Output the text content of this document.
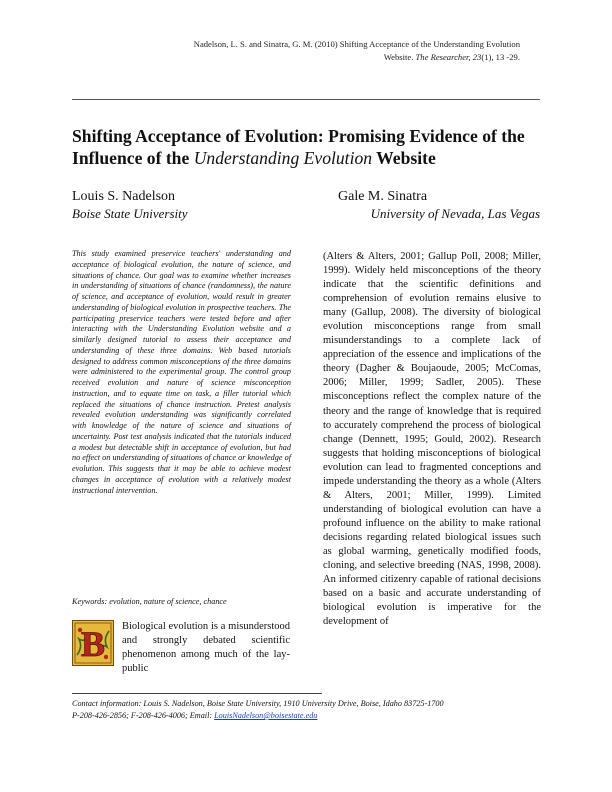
Nadelson, L. S. and Sinatra, G. M. (2010) Shifting Acceptance of the Understanding Evolution
Website. The Researcher, 23(1), 13 -29.
Shifting Acceptance of Evolution: Promising Evidence of the Influence of the Understanding Evolution Website
Louis S. Nadelson
Boise State University
Gale M. Sinatra
University of Nevada, Las Vegas

This study examined preservice teachers' understanding and acceptance of biological evolution, the nature of science, and situations of chance. Our goal was to examine whether increases in understanding of situations of chance (randomness), the nature of science, and acceptance of evolution, would result in greater understanding of biological evolution in prospective teachers. The participating preservice teachers were tested before and after interacting with the Understanding Evolution website and a similarly designed tutorial to assess their acceptance and understanding of these three domains. Web based tutorials designed to address common misconceptions of the three domains were administered to the experimental group. The control group received evolution and nature of science misconception instruction, and to equate time on task, a filler tutorial which replaced the situations of chance instruction. Pretest analysis revealed evolution understanding was significantly correlated with knowledge of the nature of science and situations of uncertainty. Post test analysis indicated that the tutorials induced a modest but detectable shift in acceptance of evolution, but had no effect on understanding of situations of chance or knowledge of evolution. This suggests that it may be able to achieve modest changes in acceptance of evolution with a relatively modest instructional intervention.

Keywords: evolution, nature of science, chance
B Biological evolution is a misunderstood and strongly debated scientific phenomenon among much of the lay-public

(Alters & Alters, 2001; Gallup Poll, 2008; Miller, 1999). Widely held misconceptions of the theory indicate that the scientific definitions and comprehension of evolution remains elusive to many (Gallup, 2008). The diversity of biological evolution misconceptions range from small misunderstandings to a complete lack of appreciation of the essence and implications of the theory (Dagher & Boujaoude, 2005; McComas, 2006; Miller, 1999; Sadler, 2005). These misconceptions reflect the complex nature of the theory and the range of knowledge that is required to accurately comprehend the process of biological change (Dennett, 1995; Gould, 2002). Research suggests that holding misconceptions of biological evolution can lead to fragmented conceptions and impede understanding the theory as a whole (Alters & Alters, 2001; Miller, 1999). Limited understanding of biological evolution can have a profound influence on the ability to make rational decisions regarding related biological issues such as global warming, genetically modified foods, cloning, and selective breeding (NAS, 1998, 2008). An informed citizenry capable of rational decisions based on a basic and accurate understanding of biological evolution is imperative for the development of

Contact information: Louis S. Nadelson, Boise State University, 1910 University Drive, Boise, Idaho 83725-1700
P-208-426-2856; F-208-426-4006; Email: LouisNadelson@boisestate.edu
